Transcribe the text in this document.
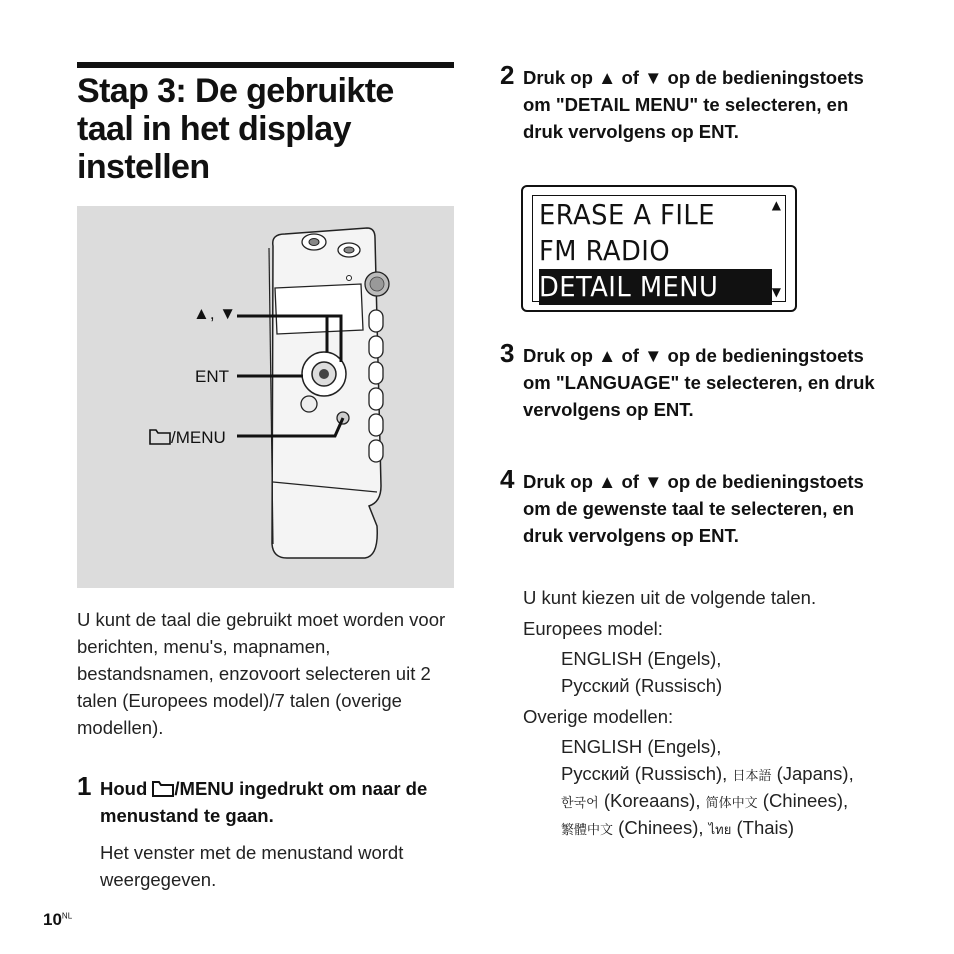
Stap 3: De gebruikte taal in het display instellen
▲, ▼
ENT
/MENU

U kunt de taal die gebruikt moet worden voor berichten, menu's, mapnamen, bestandsnamen, enzovoort selecteren uit 2 talen (Europees model)/7 talen (overige modellen).

1 Houd /MENU ingedrukt om naar de menustand te gaan.

Het venster met de menustand wordt weergegeven.

2 Druk op ▲ of ▼ op de bedieningstoets om "DETAIL MENU" te selecteren, en druk vervolgens op ENT.

ERASE A FILE
FM RADIO
DETAIL MENU
▲
▼
3 Druk op ▲ of ▼ op de bedieningstoets om "LANGUAGE" te selecteren, en druk vervolgens op ENT.

4 Druk op ▲ of ▼ op de bedieningstoets om de gewenste taal te selecteren, en druk vervolgens op ENT.

U kunt kiezen uit de volgende talen.
Europees model:
ENGLISH (Engels),
Русский (Russisch)
Overige modellen:
ENGLISH (Engels),
Русский (Russisch), 日本語 (Japans),
한국어 (Koreaans), 简体中文 (Chinees),
繁體中文 (Chinees), ไทย (Thais)
$10^{NL}$
